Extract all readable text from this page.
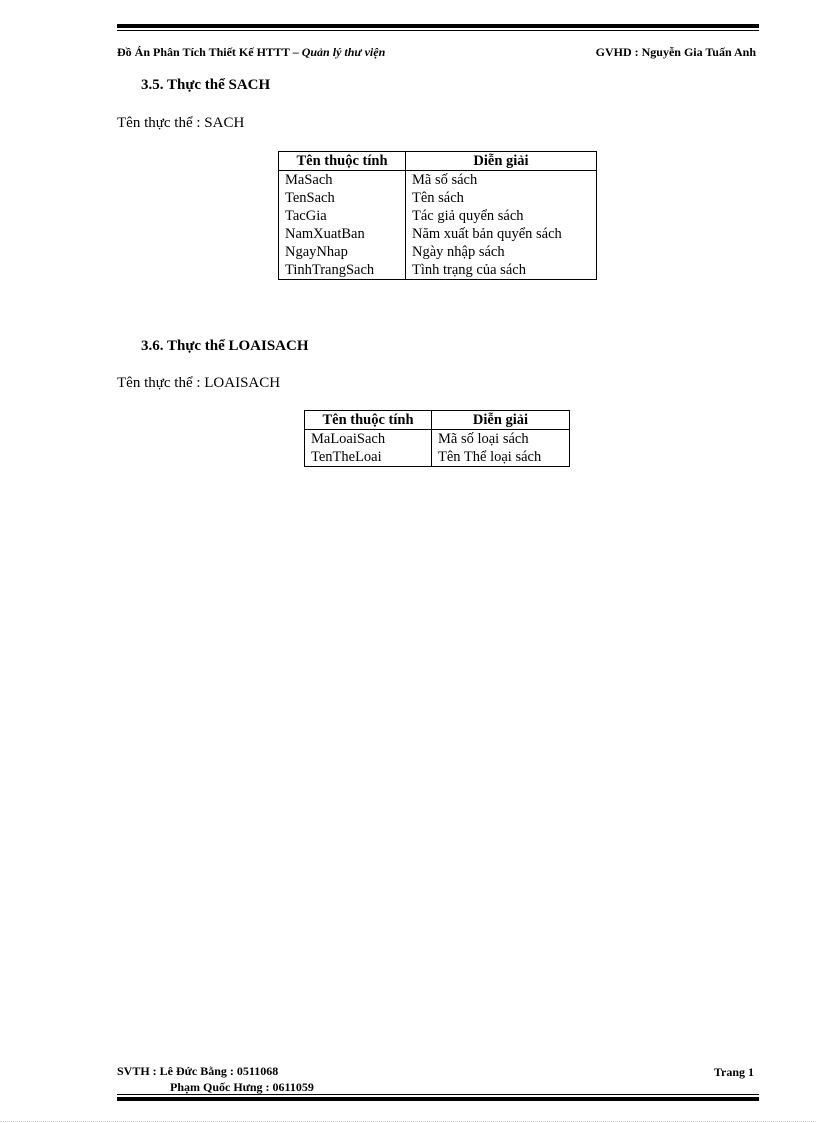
Đồ Án Phân Tích Thiết Kế HTTT – Quản lý thư viện	GVHD : Nguyễn Gia Tuấn Anh
3.5. Thực thể SACH
Tên thực thể : SACH
Tên thuộc tính	Diễn giải
MaSach	Mã số sách
TenSach	Tên sách
TacGia	Tác giả quyển sách
NamXuatBan	Năm xuất bản quyển sách
NgayNhap	Ngày nhập sách
TinhTrangSach	Tình trạng của sách
3.6. Thực thể LOAISACH
Tên thực thể : LOAISACH
Tên thuộc tính	Diễn giải
MaLoaiSach	Mã số loại sách
TenTheLoai	Tên Thể loại sách
SVTH : Lê Đức Bằng : 0511068
Phạm Quốc Hưng : 0611059
Trang 1
